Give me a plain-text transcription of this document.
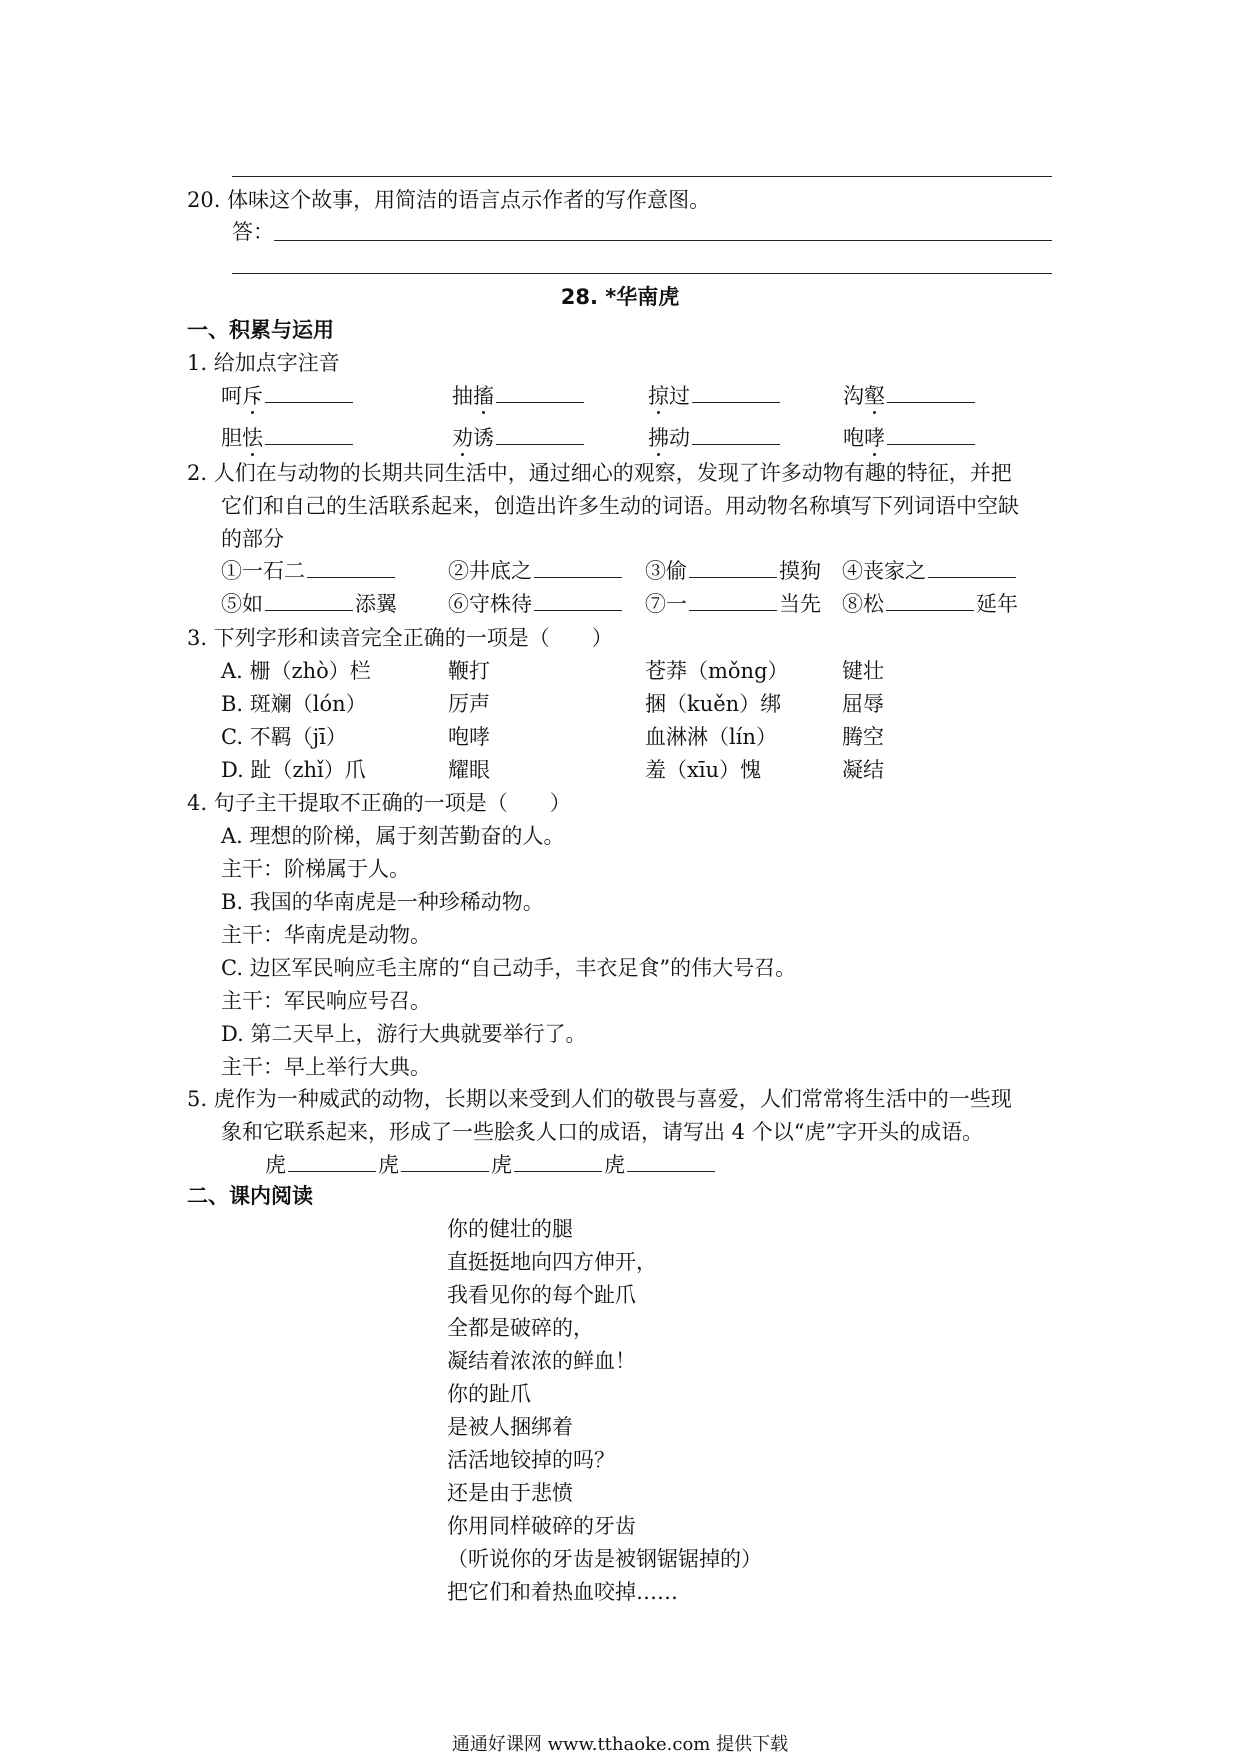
20. 体味这个故事，用简洁的语言点示作者的写作意图。
答：
28. *华南虎
一、积累与运用
1. 给加点字注音
呵斥	抽搐	掠过	沟壑
胆怯	劝诱	拂动	咆哮
2. 人们在与动物的长期共同生活中，通过细心的观察，发现了许多动物有趣的特征，并把
它们和自己的生活联系起来，创造出许多生动的词语。用动物名称填写下列词语中空缺
的部分
①一石二	②井底之	③偷	摸狗 ④丧家之
⑤如	添翼 ⑥守株待	⑦一	当先 ⑧松	延年
3. 下列字形和读音完全正确的一项是（　　）
A. 栅（zhò）栏	鞭打	苍莽（mǒng）	键壮
B. 斑斓（lón）	厉声	捆（kuěn）绑	屈辱
C. 不羁（jī）	咆哮	血淋淋（lín）	腾空
D. 趾（zhǐ）爪	耀眼	羞（xīu）愧	凝结
4. 句子主干提取不正确的一项是（　　）
A. 理想的阶梯，属于刻苦勤奋的人。
主干：阶梯属于人。
B. 我国的华南虎是一种珍稀动物。
主干：华南虎是动物。
C. 边区军民响应毛主席的“自己动手，丰衣足食”的伟大号召。
主干：军民响应号召。
D. 第二天早上，游行大典就要举行了。
主干：早上举行大典。
5. 虎作为一种威武的动物，长期以来受到人们的敬畏与喜爱，人们常常将生活中的一些现
象和它联系起来，形成了一些脍炙人口的成语，请写出 4 个以“虎”字开头的成语。
虎	虎	虎	虎
二、课内阅读
你的健壮的腿
直挺挺地向四方伸开，
我看见你的每个趾爪
全都是破碎的，
凝结着浓浓的鲜血！
你的趾爪
是被人捆绑着
活活地铰掉的吗？
还是由于悲愤
你用同样破碎的牙齿
（听说你的牙齿是被钢锯锯掉的）
把它们和着热血咬掉……
通通好课网 www.tthaoke.com 提供下载
